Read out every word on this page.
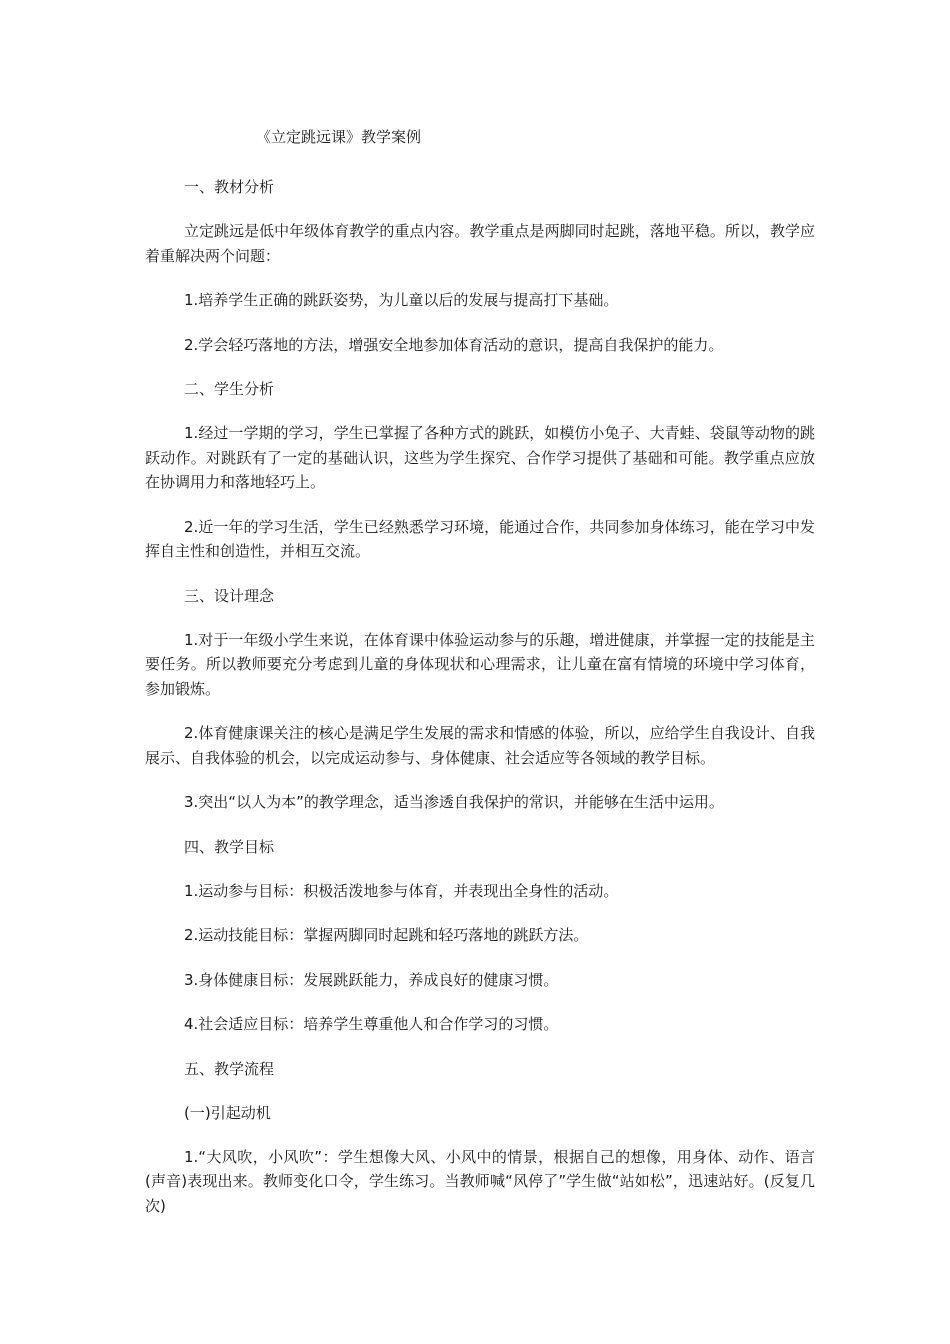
《立定跳远课》教学案例

一、教材分析

立定跳远是低中年级体育教学的重点内容。教学重点是两脚同时起跳，落地平稳。所以，教学应着重解决两个问题：

1.培养学生正确的跳跃姿势，为儿童以后的发展与提高打下基础。

2.学会轻巧落地的方法，增强安全地参加体育活动的意识，提高自我保护的能力。

二、学生分析

1.经过一学期的学习，学生已掌握了各种方式的跳跃，如模仿小兔子、大青蛙、袋鼠等动物的跳跃动作。对跳跃有了一定的基础认识，这些为学生探究、合作学习提供了基础和可能。教学重点应放在协调用力和落地轻巧上。

2.近一年的学习生活，学生已经熟悉学习环境，能通过合作，共同参加身体练习，能在学习中发挥自主性和创造性，并相互交流。

三、设计理念

1.对于一年级小学生来说，在体育课中体验运动参与的乐趣，增进健康，并掌握一定的技能是主要任务。所以教师要充分考虑到儿童的身体现状和心理需求，让儿童在富有情境的环境中学习体育，参加锻炼。

2.体育健康课关注的核心是满足学生发展的需求和情感的体验，所以，应给学生自我设计、自我展示、自我体验的机会，以完成运动参与、身体健康、社会适应等各领域的教学目标。

3.突出“以人为本”的教学理念，适当渗透自我保护的常识，并能够在生活中运用。

四、教学目标

1.运动参与目标：积极活泼地参与体育，并表现出全身性的活动。

2.运动技能目标：掌握两脚同时起跳和轻巧落地的跳跃方法。

3.身体健康目标：发展跳跃能力，养成良好的健康习惯。

4.社会适应目标：培养学生尊重他人和合作学习的习惯。

五、教学流程

(一)引起动机

1.“大风吹，小风吹”：学生想像大风、小风中的情景，根据自己的想像，用身体、动作、语言(声音)表现出来。教师变化口令，学生练习。当教师喊“风停了”学生做“站如松”，迅速站好。(反复几次)
